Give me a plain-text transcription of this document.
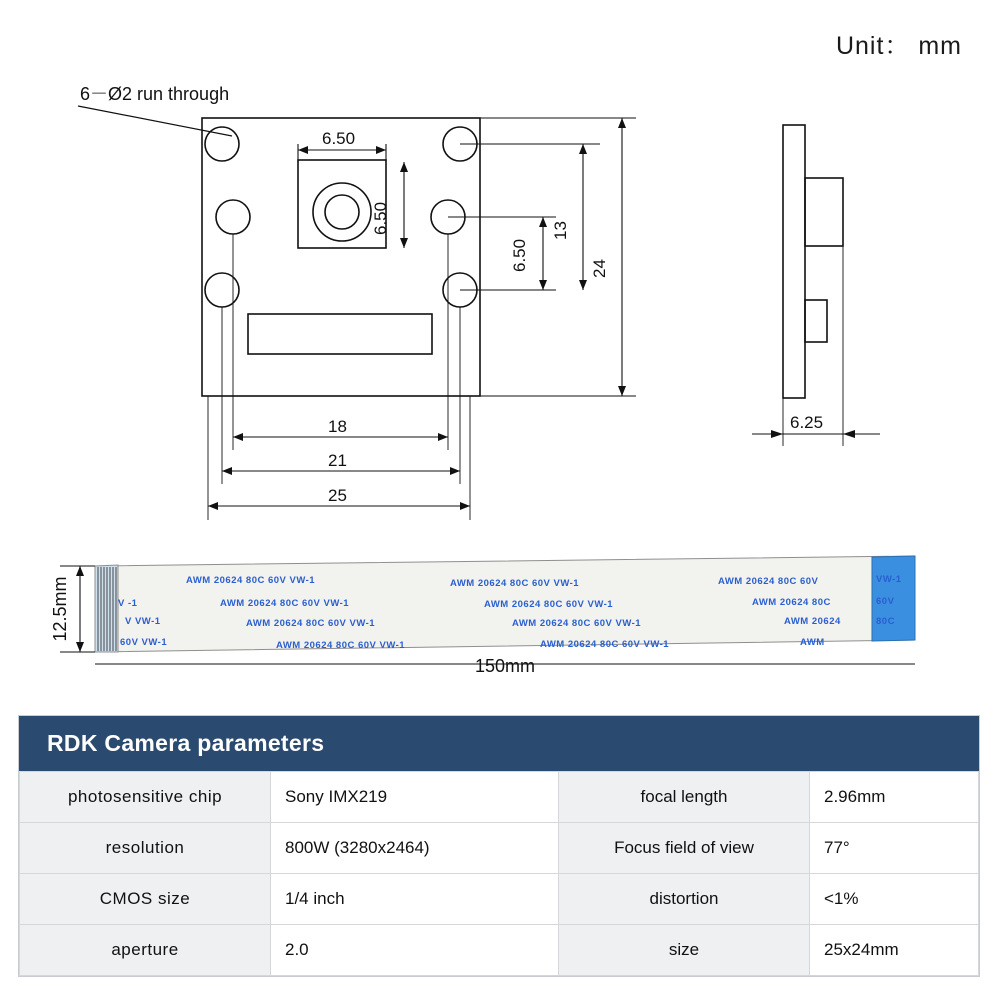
Unit： mm
6－Ø2 run through
6.50
6.50
6.50
13
24
18
21
25
6.25
AWM 20624 80C 60V VW-1	AWM 20624 80C 60V VW-1	AWM 20624 80C 60V	VW-1
V -1	AWM 20624 80C 60V VW-1	AWM 20624 80C 60V VW-1	AWM 20624 80C	60V
V VW-1	AWM 20624 80C 60V VW-1	AWM 20624 80C 60V VW-1	AWM 20624	80C
60V VW-1	AWM 20624 80C 60V VW-1	AWM 20624 80C 60V VW-1	AWM
12.5mm
150mm
RDK Camera parameters
photosensitive chip	Sony IMX219	focal length	2.96mm
resolution	800W (3280x2464)	Focus field of view	77°
CMOS size	1/4 inch	distortion	<1%
aperture	2.0	size	25x24mm
